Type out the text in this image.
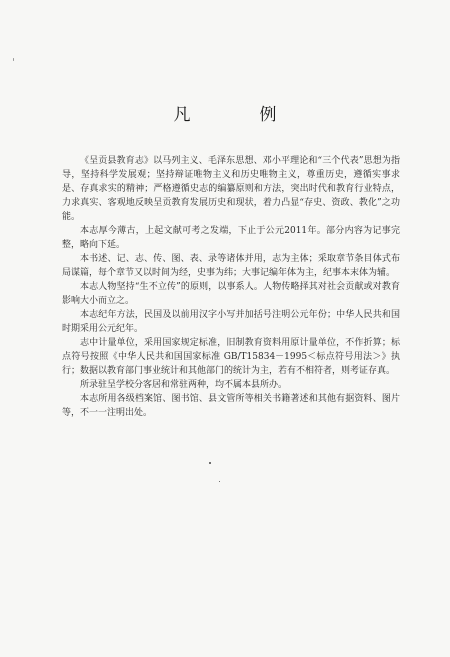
凡　例

《呈贡县教育志》以马列主义、毛泽东思想、邓小平理论和“三个代表”思想为指导，坚持科学发展观；坚持辩证唯物主义和历史唯物主义，尊重历史，遵循实事求是、存真求实的精神；严格遵循史志的编纂原则和方法，突出时代和教育行业特点，力求真实、客观地反映呈贡教育发展历史和现状，着力凸显“存史、资政、教化”之功能。

本志厚今薄古，上起文献可考之发端，下止于公元2011年。部分内容为记事完整，略向下延。

本书述、记、志、传、图、表、录等诸体并用，志为主体；采取章节条目体式布局谋篇，每个章节又以时间为经，史事为纬；大事记编年体为主，纪事本末体为辅。

本志人物坚持“生不立传”的原则，以事系人。人物传略择其对社会贡献或对教育影响大小而立之。

本志纪年方法，民国及以前用汉字小写并加括号注明公元年份；中华人民共和国时期采用公元纪年。

志中计量单位，采用国家规定标准，旧制教育资料用原计量单位，不作折算；标点符号按照《中华人民共和国国家标准 GB/T15834－1995＜标点符号用法＞》执行；数据以教育部门事业统计和其他部门的统计为主，若有不相符者，则考证存真。

所录驻呈学校分客居和常驻两种，均不属本县所办。

本志所用各级档案馆、图书馆、县文管所等相关书籍著述和其他有据资料、图片等，不一一注明出处。
